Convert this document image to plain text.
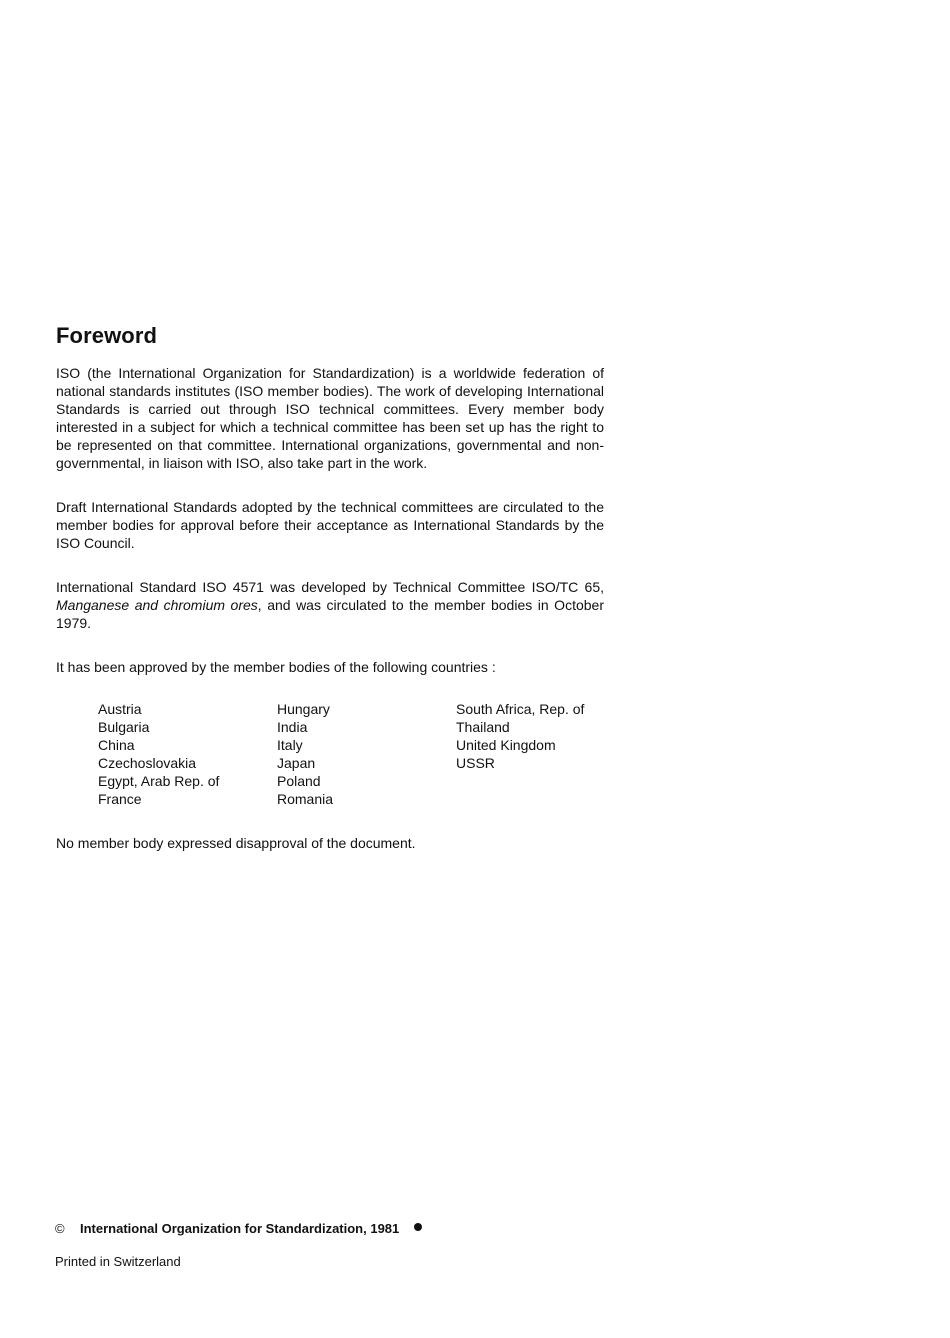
Foreword

ISO (the International Organization for Standardization) is a worldwide federation of national standards institutes (ISO member bodies). The work of developing International Standards is carried out through ISO technical committees. Every member body interested in a subject for which a technical committee has been set up has the right to be represented on that committee. International organizations, governmental and non-governmental, in liaison with ISO, also take part in the work.

Draft International Standards adopted by the technical committees are circulated to the member bodies for approval before their acceptance as International Standards by the ISO Council.

International Standard ISO 4571 was developed by Technical Committee ISO/TC 65, Manganese and chromium ores, and was circulated to the member bodies in October 1979.

It has been approved by the member bodies of the following countries :

Austria
Bulgaria
China
Czechoslovakia
Egypt, Arab Rep. of
France
Hungary
India
Italy
Japan
Poland
Romania
South Africa, Rep. of
Thailand
United Kingdom
USSR

No member body expressed disapproval of the document.

© International Organization for Standardization, 1981
Printed in Switzerland
